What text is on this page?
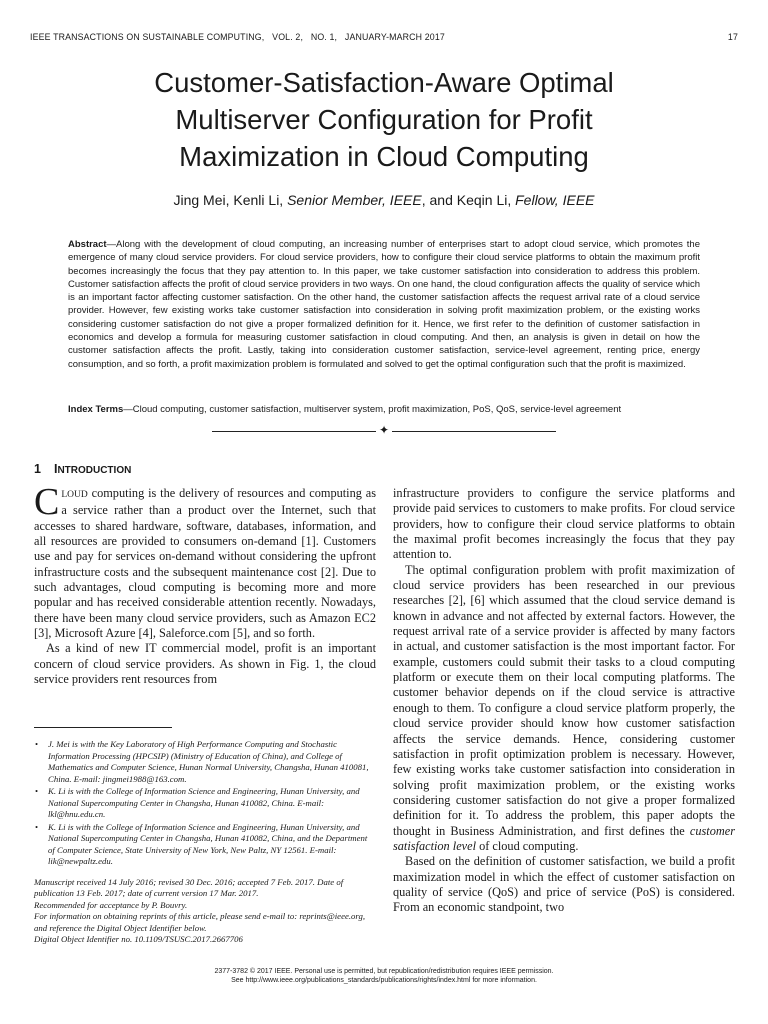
IEEE TRANSACTIONS ON SUSTAINABLE COMPUTING,   VOL. 2,   NO. 1,   JANUARY-MARCH 2017	17
Customer-Satisfaction-Aware Optimal
Multiserver Configuration for Profit
Maximization in Cloud Computing
Jing Mei, Kenli Li, Senior Member, IEEE, and Keqin Li, Fellow, IEEE
Abstract—Along with the development of cloud computing, an increasing number of enterprises start to adopt cloud service, which promotes the emergence of many cloud service providers. For cloud service providers, how to configure their cloud service platforms to obtain the maximum profit becomes increasingly the focus that they pay attention to. In this paper, we take customer satisfaction into consideration to address this problem. Customer satisfaction affects the profit of cloud service providers in two ways. On one hand, the cloud configuration affects the quality of service which is an important factor affecting customer satisfaction. On the other hand, the customer satisfaction affects the request arrival rate of a cloud service provider. However, few existing works take customer satisfaction into consideration in solving profit maximization problem, or the existing works considering customer satisfaction do not give a proper formalized definition for it. Hence, we first refer to the definition of customer satisfaction in economics and develop a formula for measuring customer satisfaction in cloud computing. And then, an analysis is given in detail on how the customer satisfaction affects the profit. Lastly, taking into consideration customer satisfaction, service-level agreement, renting price, energy consumption, and so forth, a profit maximization problem is formulated and solved to get the optimal configuration such that the profit is maximized.
Index Terms—Cloud computing, customer satisfaction, multiserver system, profit maximization, PoS, QoS, service-level agreement
✦
1 INTRODUCTION

CLOUD computing is the delivery of resources and computing as a service rather than a product over the Internet, such that accesses to shared hardware, software, databases, information, and all resources are provided to consumers on-demand [1]. Customers use and pay for services on-demand without considering the upfront infrastructure costs and the subsequent maintenance cost [2]. Due to such advantages, cloud computing is becoming more and more popular and has received considerable attention recently. Nowadays, there have been many cloud service providers, such as Amazon EC2 [3], Microsoft Azure [4], Saleforce.com [5], and so forth.

As a kind of new IT commercial model, profit is an important concern of cloud service providers. As shown in Fig. 1, the cloud service providers rent resources from

• J. Mei is with the Key Laboratory of High Performance Computing and Stochastic Information Processing (HPCSIP) (Ministry of Education of China), and College of Mathematics and Computer Science, Hunan Normal University, Changsha, Hunan 410081, China. E-mail: jingmei1988@163.com.
• K. Li is with the College of Information Science and Engineering, Hunan University, and National Supercomputing Center in Changsha, Hunan 410082, China. E-mail: lkl@hnu.edu.cn.
• K. Li is with the College of Information Science and Engineering, Hunan University, and National Supercomputing Center in Changsha, Hunan 410082, China, and the Department of Computer Science, State University of New York, New Paltz, NY 12561. E-mail: lik@newpaltz.edu.
Manuscript received 14 July 2016; revised 30 Dec. 2016; accepted 7 Feb. 2017. Date of publication 13 Feb. 2017; date of current version 17 Mar. 2017.
Recommended for acceptance by P. Bouvry.
For information on obtaining reprints of this article, please send e-mail to: reprints@ieee.org, and reference the Digital Object Identifier below.
Digital Object Identifier no. 10.1109/TSUSC.2017.2667706

infrastructure providers to configure the service platforms and provide paid services to customers to make profits. For cloud service providers, how to configure their cloud service platforms to obtain the maximal profit becomes increasingly the focus that they pay attention to.

The optimal configuration problem with profit maximization of cloud service providers has been researched in our previous researches [2], [6] which assumed that the cloud service demand is known in advance and not affected by external factors. However, the request arrival rate of a service provider is affected by many factors in actual, and customer satisfaction is the most important factor. For example, customers could submit their tasks to a cloud computing platform or execute them on their local computing platforms. The customer behavior depends on if the cloud service is attractive enough to them. To configure a cloud service platform properly, the cloud service provider should know how customer satisfaction affects the service demands. Hence, considering customer satisfaction in profit optimization problem is necessary. However, few existing works take customer satisfaction into consideration in solving profit maximization problem, or the existing works considering customer satisfaction do not give a proper formalized definition for it. To address the problem, this paper adopts the thought in Business Administration, and first defines the customer satisfaction level of cloud computing.

Based on the definition of customer satisfaction, we build a profit maximization model in which the effect of customer satisfaction on quality of service (QoS) and price of service (PoS) is considered. From an economic standpoint, two

2377-3782 © 2017 IEEE. Personal use is permitted, but republication/redistribution requires IEEE permission.
See http://www.ieee.org/publications_standards/publications/rights/index.html for more information.
